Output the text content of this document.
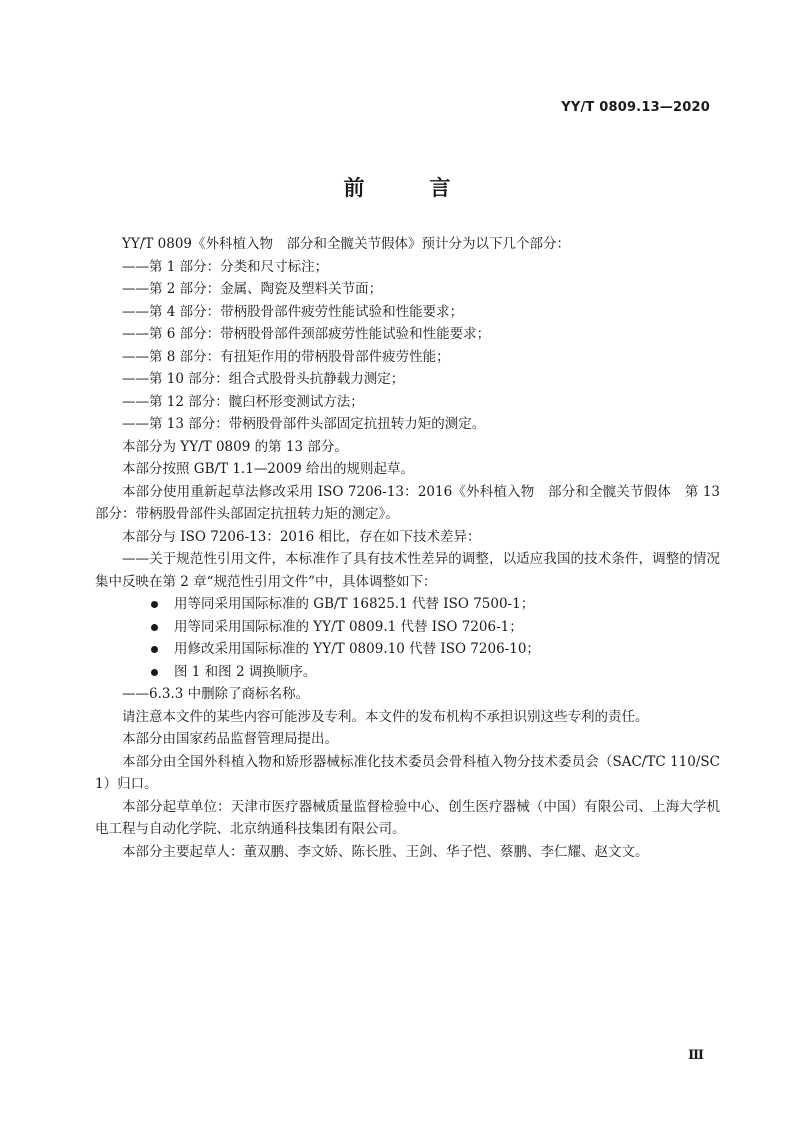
YY/T 0809.13—2020
前　言
YY/T 0809《外科植入物　部分和全髋关节假体》预计分为以下几个部分：
——第 1 部分：分类和尺寸标注；
——第 2 部分：金属、陶瓷及塑料关节面；
——第 4 部分：带柄股骨部件疲劳性能试验和性能要求；
——第 6 部分：带柄股骨部件颈部疲劳性能试验和性能要求；
——第 8 部分：有扭矩作用的带柄股骨部件疲劳性能；
——第 10 部分：组合式股骨头抗静载力测定；
——第 12 部分：髋臼杯形变测试方法；
——第 13 部分：带柄股骨部件头部固定抗扭转力矩的测定。
本部分为 YY/T 0809 的第 13 部分。
本部分按照 GB/T 1.1—2009 给出的规则起草。
本部分使用重新起草法修改采用 ISO 7206-13：2016《外科植入物　部分和全髋关节假体　第 13 部分：带柄股骨部件头部固定抗扭转力矩的测定》。
本部分与 ISO 7206-13：2016 相比，存在如下技术差异：
——关于规范性引用文件，本标准作了具有技术性差异的调整，以适应我国的技术条件，调整的情况集中反映在第 2 章“规范性引用文件”中，具体调整如下：
用等同采用国际标准的 GB/T 16825.1 代替 ISO 7500-1；
用等同采用国际标准的 YY/T 0809.1 代替 ISO 7206-1；
用修改采用国际标准的 YY/T 0809.10 代替 ISO 7206-10；
图 1 和图 2 调换顺序。
——6.3.3 中删除了商标名称。
请注意本文件的某些内容可能涉及专利。本文件的发布机构不承担识别这些专利的责任。
本部分由国家药品监督管理局提出。
本部分由全国外科植入物和矫形器械标准化技术委员会骨科植入物分技术委员会（SAC/TC 110/SC 1）归口。
本部分起草单位：天津市医疗器械质量监督检验中心、创生医疗器械（中国）有限公司、上海大学机电工程与自动化学院、北京纳通科技集团有限公司。
本部分主要起草人：董双鹏、李文娇、陈长胜、王剑、华子恺、蔡鹏、李仁耀、赵文文。
Ⅲ
